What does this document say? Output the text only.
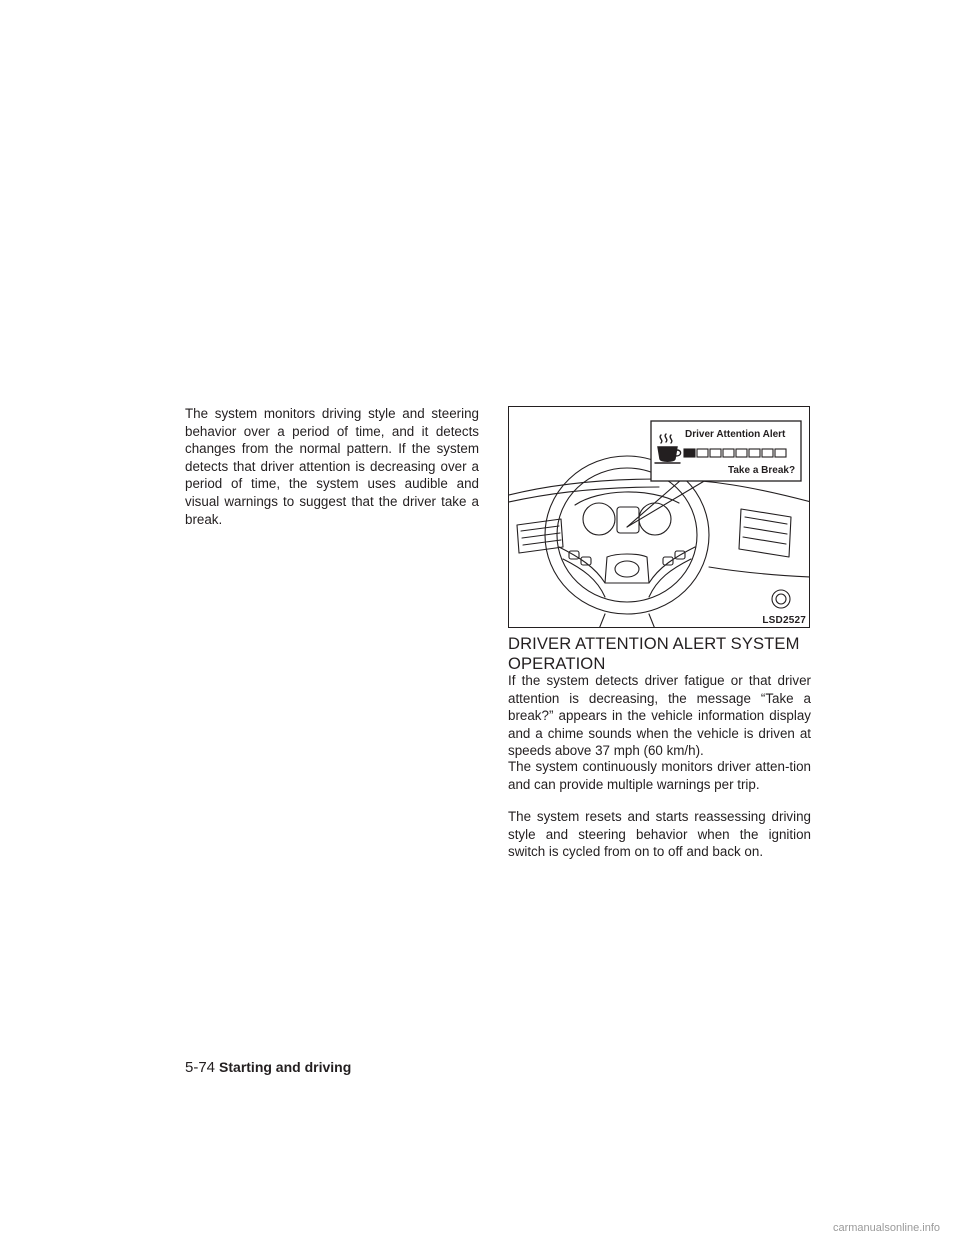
The system monitors driving style and steering behavior over a period of time, and it detects changes from the normal pattern. If the system detects that driver attention is decreasing over a period of time, the system uses audible and visual warnings to suggest that the driver take a break.

Driver Attention Alert
Take a Break?
LSD2527
DRIVER ATTENTION ALERT SYSTEM OPERATION

If the system detects driver fatigue or that driver attention is decreasing, the message “Take a break?” appears in the vehicle information display and a chime sounds when the vehicle is driven at speeds above 37 mph (60 km/h).

The system continuously monitors driver atten-tion and can provide multiple warnings per trip.

The system resets and starts reassessing driving style and steering behavior when the ignition switch is cycled from on to off and back on.

5-74 Starting and driving
carmanualsonline.info
